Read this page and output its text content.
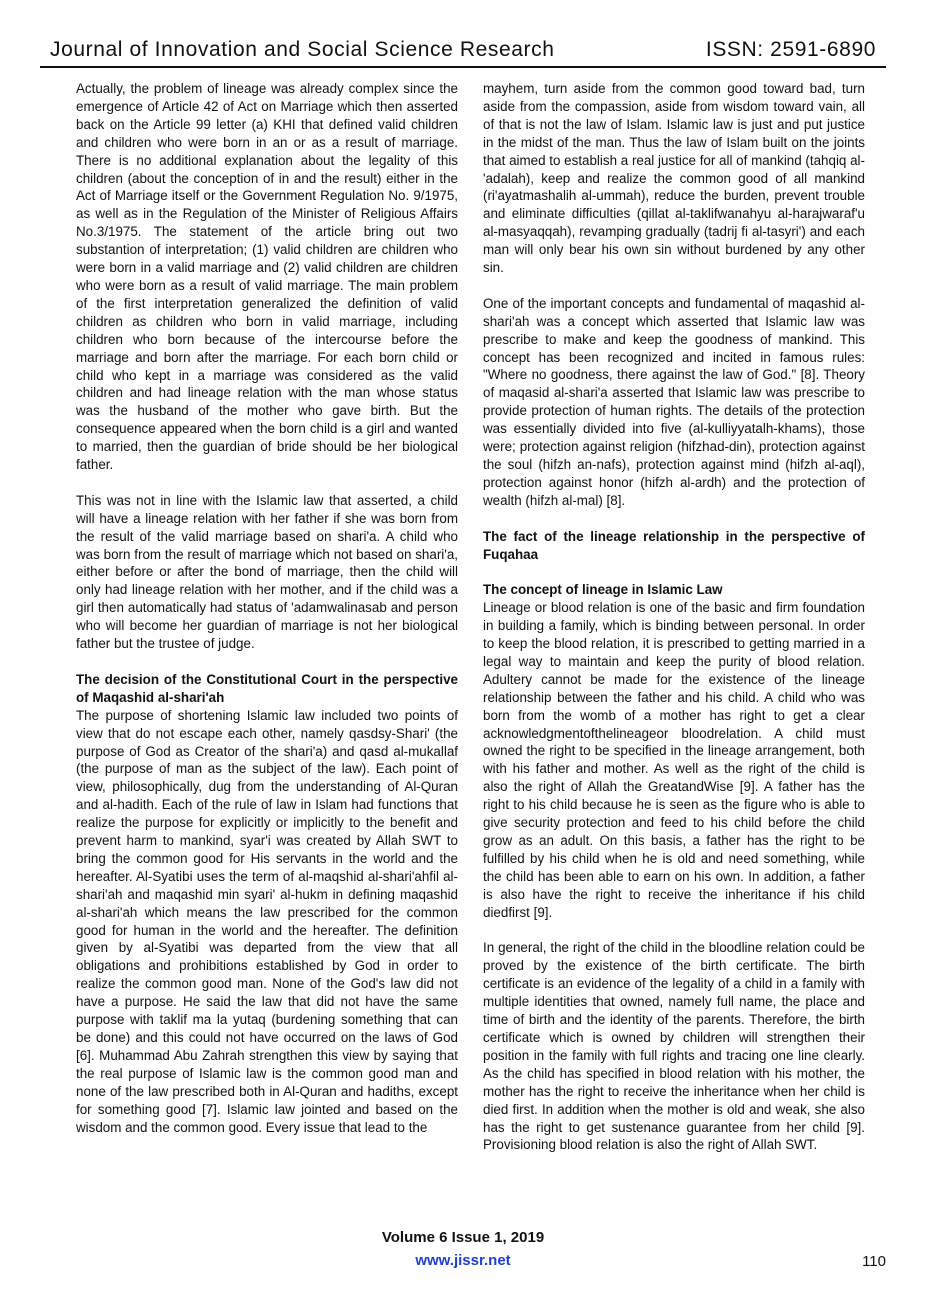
Journal of Innovation and Social Science Research	ISSN: 2591-6890

Actually, the problem of lineage was already complex since the emergence of Article 42 of Act on Marriage which then asserted back on the Article 99 letter (a) KHI that defined valid children and children who were born in an or as a result of marriage. There is no additional explanation about the legality of this children (about the conception of in and the result) either in the Act of Marriage itself or the Government Regulation No. 9/1975, as well as in the Regulation of the Minister of Religious Affairs No.3/1975. The statement of the article bring out two substantion of interpretation; (1) valid children are children who were born in a valid marriage and (2) valid children are children who were born as a result of valid marriage. The main problem of the first interpretation generalized the definition of valid children as children who born in valid marriage, including children who born because of the intercourse before the marriage and born after the marriage. For each born child or child who kept in a marriage was considered as the valid children and had lineage relation with the man whose status was the husband of the mother who gave birth. But the consequence appeared when the born child is a girl and wanted to married, then the guardian of bride should be her biological father.

This was not in line with the Islamic law that asserted, a child will have a lineage relation with her father if she was born from the result of the valid marriage based on shari'a. A child who was born from the result of marriage which not based on shari'a, either before or after the bond of marriage, then the child will only had lineage relation with her mother, and if the child was a girl then automatically had status of 'adamwalinasab and person who will become her guardian of marriage is not her biological father but the trustee of judge.

The decision of the Constitutional Court in the perspective of Maqashid al-shari'ah

The purpose of shortening Islamic law included two points of view that do not escape each other, namely qasdsy-Shari' (the purpose of God as Creator of the shari'a) and qasd al-mukallaf (the purpose of man as the subject of the law). Each point of view, philosophically, dug from the understanding of Al-Quran and al-hadith. Each of the rule of law in Islam had functions that realize the purpose for explicitly or implicitly to the benefit and prevent harm to mankind, syar'i was created by Allah SWT to bring the common good for His servants in the world and the hereafter. Al-Syatibi uses the term of al-maqshid al-shari'ahfil al-shari'ah and maqashid min syari' al-hukm in defining maqashid al-shari'ah which means the law prescribed for the common good for human in the world and the hereafter. The definition given by al-Syatibi was departed from the view that all obligations and prohibitions established by God in order to realize the common good man. None of the God's law did not have a purpose. He said the law that did not have the same purpose with taklif ma la yutaq (burdening something that can be done) and this could not have occurred on the laws of God [6]. Muhammad Abu Zahrah strengthen this view by saying that the real purpose of Islamic law is the common good man and none of the law prescribed both in Al-Quran and hadiths, except for something good [7]. Islamic law jointed and based on the wisdom and the common good. Every issue that lead to the

mayhem, turn aside from the common good toward bad, turn aside from the compassion, aside from wisdom toward vain, all of that is not the law of Islam. Islamic law is just and put justice in the midst of the man. Thus the law of Islam built on the joints that aimed to establish a real justice for all of mankind (tahqiq al-'adalah), keep and realize the common good of all mankind (ri'ayatmashalih al-ummah), reduce the burden, prevent trouble and eliminate difficulties (qillat al-taklifwanahyu al-harajwaraf'u al-masyaqqah), revamping gradually (tadrij fi al-tasyri') and each man will only bear his own sin without burdened by any other sin.

One of the important concepts and fundamental of maqashid al-shari'ah was a concept which asserted that Islamic law was prescribe to make and keep the goodness of mankind. This concept has been recognized and incited in famous rules: "Where no goodness, there against the law of God." [8]. Theory of maqasid al-shari'a asserted that Islamic law was prescribe to provide protection of human rights. The details of the protection was essentially divided into five (al-kulliyyatalh-khams), those were; protection against religion (hifzhad-din), protection against the soul (hifzh an-nafs), protection against mind (hifzh al-aql), protection against honor (hifzh al-ardh) and the protection of wealth (hifzh al-mal) [8].

The fact of the lineage relationship in the perspective of Fuqahaa
The concept of lineage in Islamic Law

Lineage or blood relation is one of the basic and firm foundation in building a family, which is binding between personal. In order to keep the blood relation, it is prescribed to getting married in a legal way to maintain and keep the purity of blood relation. Adultery cannot be made for the existence of the lineage relationship between the father and his child. A child who was born from the womb of a mother has right to get a clear acknowledgmentofthelineageor bloodrelation. A child must owned the right to be specified in the lineage arrangement, both with his father and mother. As well as the right of the child is also the right of Allah the GreatandWise [9]. A father has the right to his child because he is seen as the figure who is able to give security protection and feed to his child before the child grow as an adult. On this basis, a father has the right to be fulfilled by his child when he is old and need something, while the child has been able to earn on his own. In addition, a father is also have the right to receive the inheritance if his child diedfirst [9].

In general, the right of the child in the bloodline relation could be proved by the existence of the birth certificate. The birth certificate is an evidence of the legality of a child in a family with multiple identities that owned, namely full name, the place and time of birth and the identity of the parents. Therefore, the birth certificate which is owned by children will strengthen their position in the family with full rights and tracing one line clearly. As the child has specified in blood relation with his mother, the mother has the right to receive the inheritance when her child is died first. In addition when the mother is old and weak, she also has the right to get sustenance guarantee from her child [9]. Provisioning blood relation is also the right of Allah SWT.

Volume 6 Issue 1, 2019
www.jissr.net	110
